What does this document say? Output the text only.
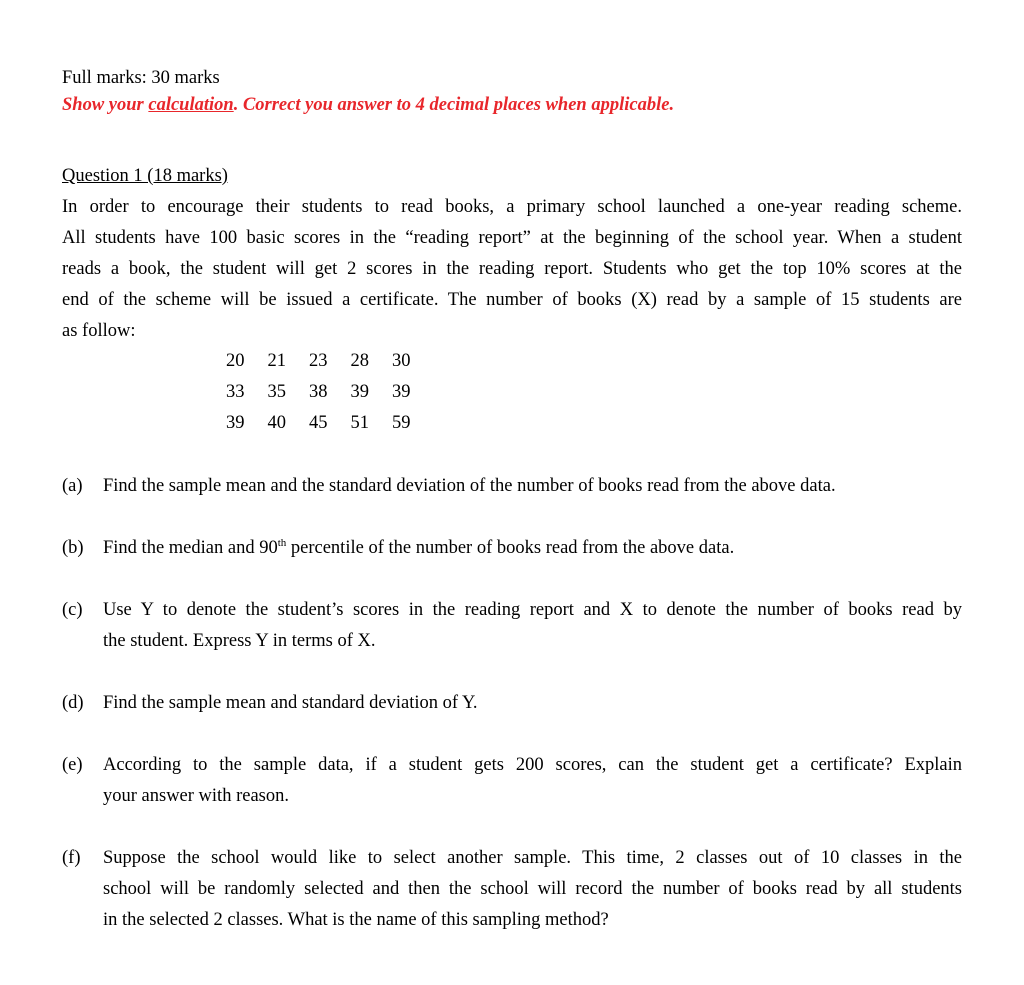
Full marks: 30 marks
Show your calculation. Correct you answer to 4 decimal places when applicable.
Question 1 (18 marks)
In order to encourage their students to read books, a primary school launched a one-year reading scheme.
All students have 100 basic scores in the “reading report” at the beginning of the school year. When a student
reads a book, the student will get 2 scores in the reading report. Students who get the top 10% scores at the
end of the scheme will be issued a certificate. The number of books (X) read by a sample of 15 students are
as follow:
20	21	23	28	30
33	35	38	39	39
39	40	45	51	59
(a) Find the sample mean and the standard deviation of the number of books read from the above data.
(b) Find the median and 90th percentile of the number of books read from the above data.
(c) Use Y to denote the student’s scores in the reading report and X to denote the number of books read by
the student. Express Y in terms of X.
(d) Find the sample mean and standard deviation of Y.
(e) According to the sample data, if a student gets 200 scores, can the student get a certificate? Explain
your answer with reason.
(f) Suppose the school would like to select another sample. This time, 2 classes out of 10 classes in the
school will be randomly selected and then the school will record the number of books read by all students
in the selected 2 classes. What is the name of this sampling method?
